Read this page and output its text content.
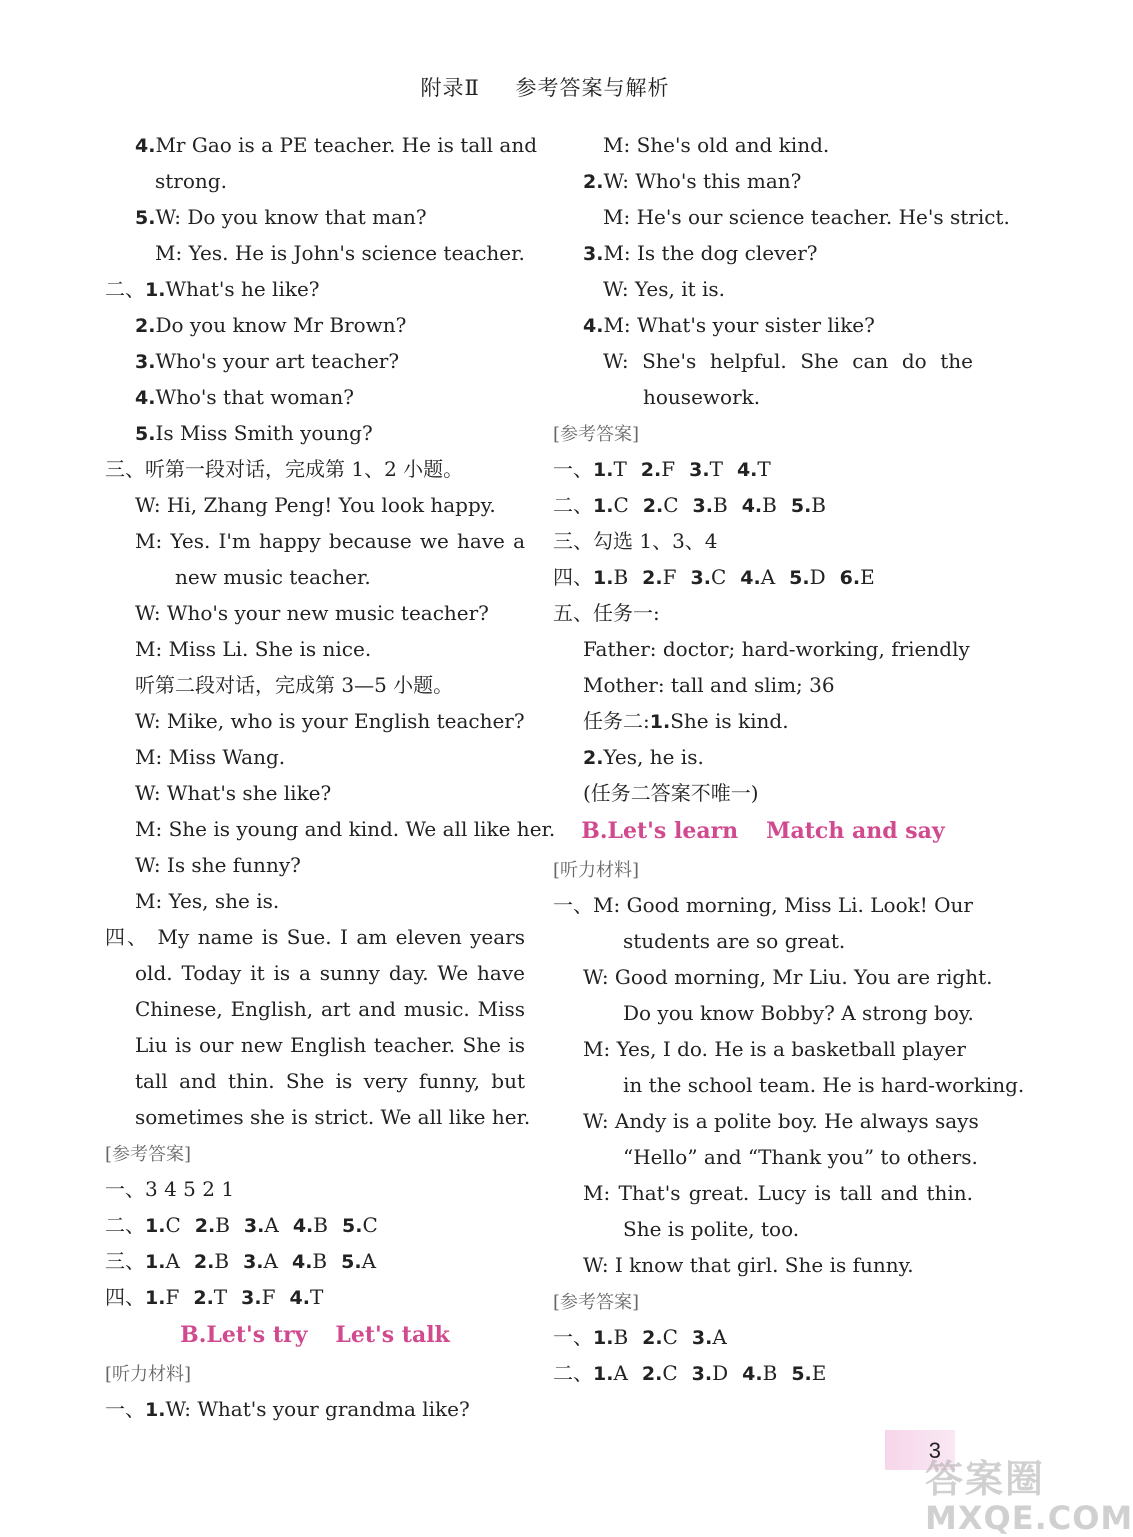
附录Ⅱ 参考答案与解析
4.Mr Gao is a PE teacher. He is tall and
strong.
5.W: Do you know that man?
M: Yes. He is John's science teacher.
二、1.What's he like?
2.Do you know Mr Brown?
3.Who's your art teacher?
4.Who's that woman?
5.Is Miss Smith young?
三、听第一段对话，完成第 1、2 小题。
W: Hi, Zhang Peng! You look happy.
M: Yes. I'm happy because we have a
new music teacher.
W: Who's your new music teacher?
M: Miss Li. She is nice.
听第二段对话，完成第 3—5 小题。
W: Mike, who is your English teacher?
M: Miss Wang.
W: What's she like?
M: She is young and kind. We all like her.
W: Is she funny?
M: Yes, she is.
四、 My name is Sue. I am eleven years
old. Today it is a sunny day. We have
Chinese, English, art and music. Miss
Liu is our new English teacher. She is
tall and thin. She is very funny, but
sometimes she is strict. We all like her.
[参考答案]
一、3 4 5 2 1
二、1.C 2.B 3.A 4.B 5.C
三、1.A 2.B 3.A 4.B 5.A
四、1.F 2.T 3.F 4.T
B.Let's try Let's talk
[听力材料]
一、1.W: What's your grandma like?
M: She's old and kind.
2.W: Who's this man?
M: He's our science teacher. He's strict.
3.M: Is the dog clever?
W: Yes, it is.
4.M: What's your sister like?
W: She's helpful. She can do the
housework.
[参考答案]
一、1.T 2.F 3.T 4.T
二、1.C 2.C 3.B 4.B 5.B
三、勾选 1、3、4
四、1.B 2.F 3.C 4.A 5.D 6.E
五、任务一:
Father: doctor; hard-working, friendly
Mother: tall and slim; 36
任务二:1.She is kind.
2.Yes, he is.
(任务二答案不唯一)
B.Let's learn Match and say
[听力材料]
一、M: Good morning, Miss Li. Look! Our
students are so great.
W: Good morning, Mr Liu. You are right.
Do you know Bobby? A strong boy.
M: Yes, I do. He is a basketball player
in the school team. He is hard-working.
W: Andy is a polite boy. He always says
“Hello” and “Thank you” to others.
M: That's great. Lucy is tall and thin.
She is polite, too.
W: I know that girl. She is funny.
[参考答案]
一、1.B 2.C 3.A
二、1.A 2.C 3.D 4.B 5.E
3
答案圈
MXQE.COM
